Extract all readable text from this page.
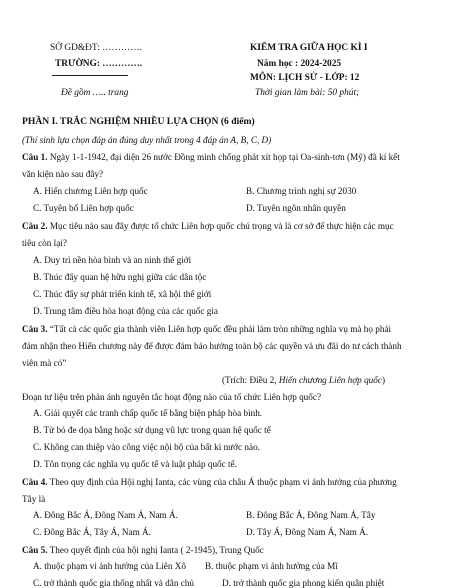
SỞ GD&ĐT: ………….
TRƯỜNG: ………….
Đề gồm ….. trang
KIỂM TRA GIỮA HỌC KÌ I
Năm học : 2024-2025
MÔN: LỊCH SỬ - LỚP: 12
Thời gian làm bài: 50 phút;
PHẦN I. TRẮC NGHIỆM NHIỀU LỰA CHỌN (6 điểm)
(Thí sinh lựa chọn đáp án đúng duy nhất trong 4 đáp án A, B, C, D)
Câu 1. Ngày 1-1-1942, đại diện 26 nước Đồng minh chống phát xít họp tại Oa-sinh-tơn (Mỹ) đã kí kết
văn kiện nào sau đây?
A. Hiến chương Liên hợp quốc	B. Chương trình nghị sự 2030
C. Tuyên bố Liên hợp quốc	D. Tuyên ngôn nhân quyền
Câu 2. Mục tiêu nào sau đây được tổ chức Liên hợp quốc chú trọng và là cơ sở để thực hiện các mục
tiêu còn lại?
A. Duy trì nền hòa bình và an ninh thế giới
B. Thúc đẩy quan hệ hữu nghị giữa các dân tộc
C. Thúc đẩy sự phát triển kinh tế, xã hội thế giới
D. Trung tâm điều hòa hoạt động của các quốc gia
Câu 3. “Tất cả các quốc gia thành viên Liên hợp quốc đều phải làm tròn những nghĩa vụ mà họ phải
đảm nhận theo Hiến chương này để được đảm bảo hưởng toàn bộ các quyền và ưu đãi do tư cách thành
viên mà có”
(Trích: Điều 2, Hiến chương Liên hợp quốc)
Đoạn tư liệu trên phản ánh nguyên tắc hoạt động nào của tổ chức Liên hợp quốc?
A. Giải quyết các tranh chấp quốc tế bằng biện pháp hòa bình.
B. Từ bỏ đe dọa bằng hoặc sử dụng vũ lực trong quan hệ quốc tế
C. Không can thiệp vào công việc nội bộ của bất kì nước nào.
D. Tôn trọng các nghĩa vụ quốc tế và luật pháp quốc tế.
Câu 4. Theo quy định của Hội nghị Ianta, các vùng của châu Á thuộc phạm vi ảnh hưởng của phương
Tây là
A. Đông Bắc Á, Đông Nam Á, Nam Á.	B. Đông Bắc Á, Đông Nam Á, Tây
C. Đông Bắc Á, Tây Á, Nam Á.	D. Tây Á, Đông Nam Á, Nam Á.
Câu 5. Theo quyết định của hội nghị Ianta ( 2-1945), Trung Quốc
A. thuộc phạm vi ảnh hưởng của Liên Xô B. thuộc phạm vi ảnh hưởng của Mĩ
C. trở thành quốc gia thống nhất và dân chủ	D. trở thành quốc gia phong kiến quân phiệt
